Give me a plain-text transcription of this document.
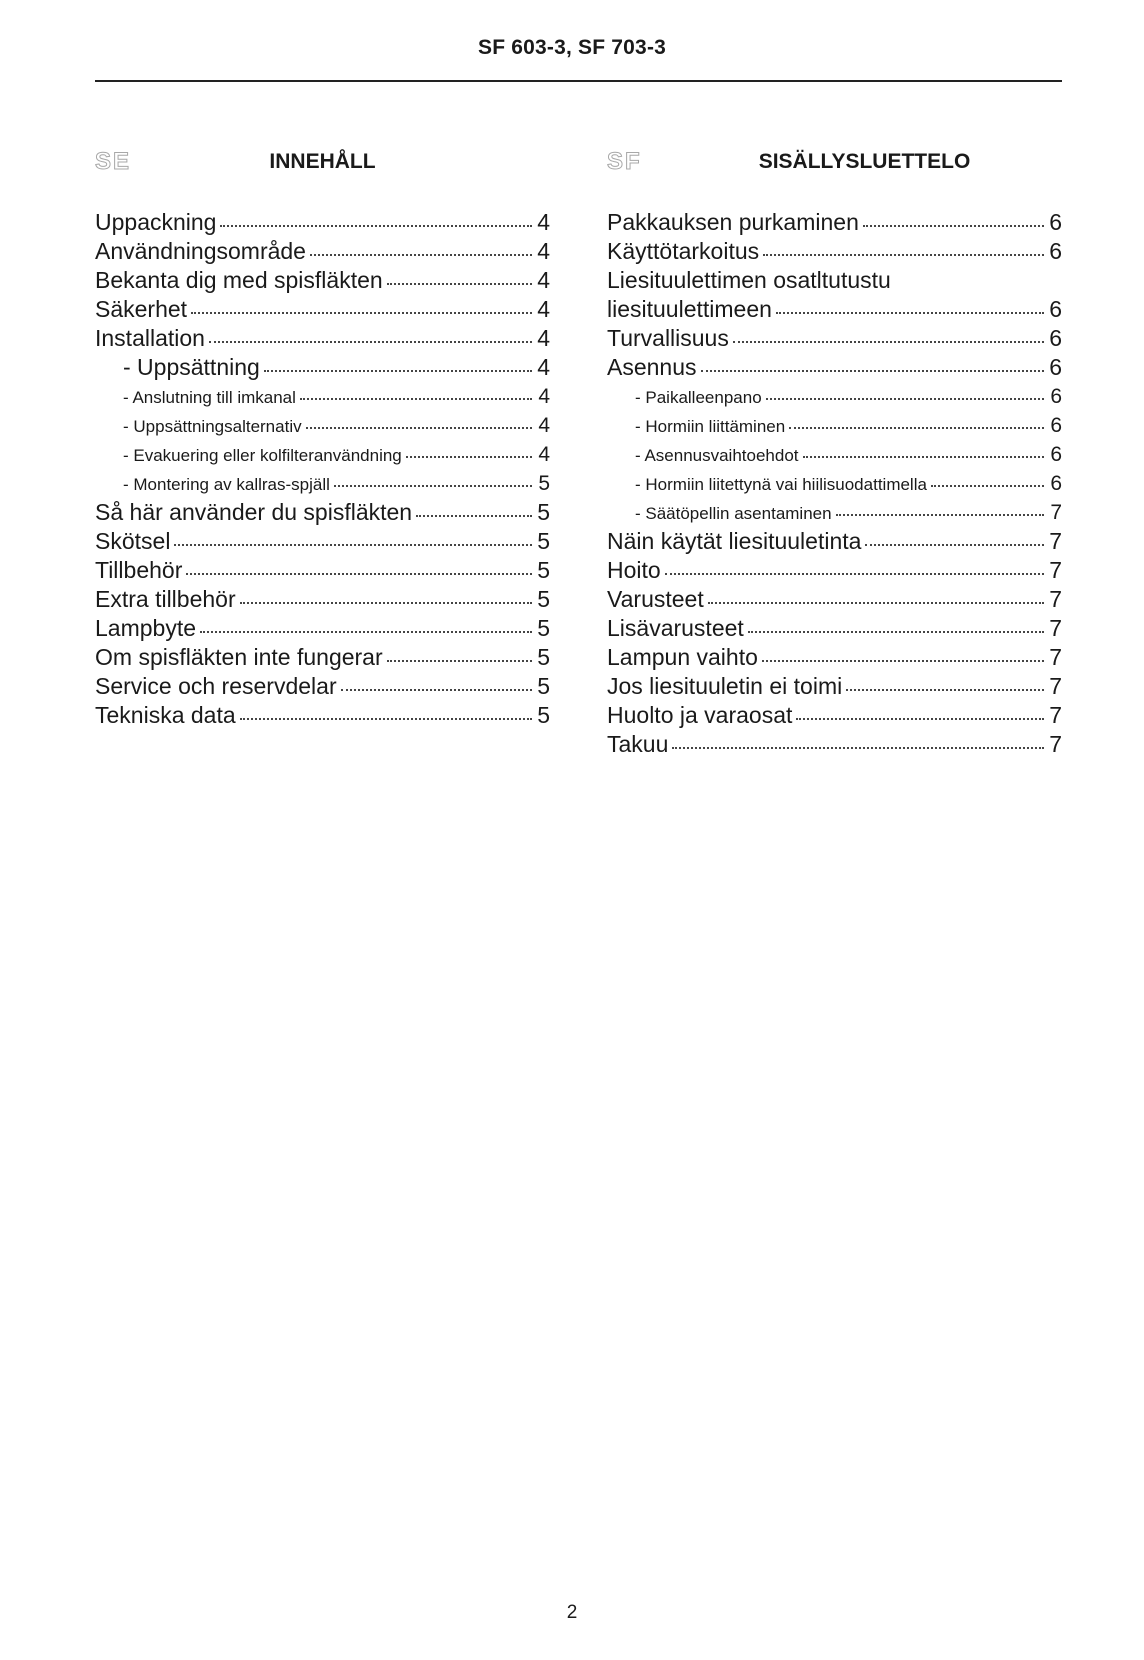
SF 603-3, SF 703-3
SE	INNEHÅLL
Uppackning	4
Användningsområde	4
Bekanta dig med spisfläkten	4
Säkerhet	4
Installation	4
- Uppsättning	4
- Anslutning till imkanal	4
- Uppsättningsalternativ	4
- Evakuering eller kolfilteranvändning	4
- Montering av kallras-spjäll	5
Så här använder du spisfläkten	5
Skötsel	5
Tillbehör	5
Extra tillbehör	5
Lampbyte	5
Om spisfläkten inte fungerar	5
Service och reservdelar	5
Tekniska data	5
SF	SISÄLLYSLUETTELO
Pakkauksen purkaminen	6
Käyttötarkoitus	6
Liesituulettimen osatltutustu
liesituulettimeen	6
Turvallisuus	6
Asennus	6
- Paikalleenpano	6
- Hormiin liittäminen	6
- Asennusvaihtoehdot	6
- Hormiin liitettynä vai hiilisuodattimella	6
- Säätöpellin asentaminen	7
Näin käytät liesituuletinta	7
Hoito	7
Varusteet	7
Lisävarusteet	7
Lampun vaihto	7
Jos liesituuletin ei toimi	7
Huolto ja varaosat	7
Takuu	7
2
